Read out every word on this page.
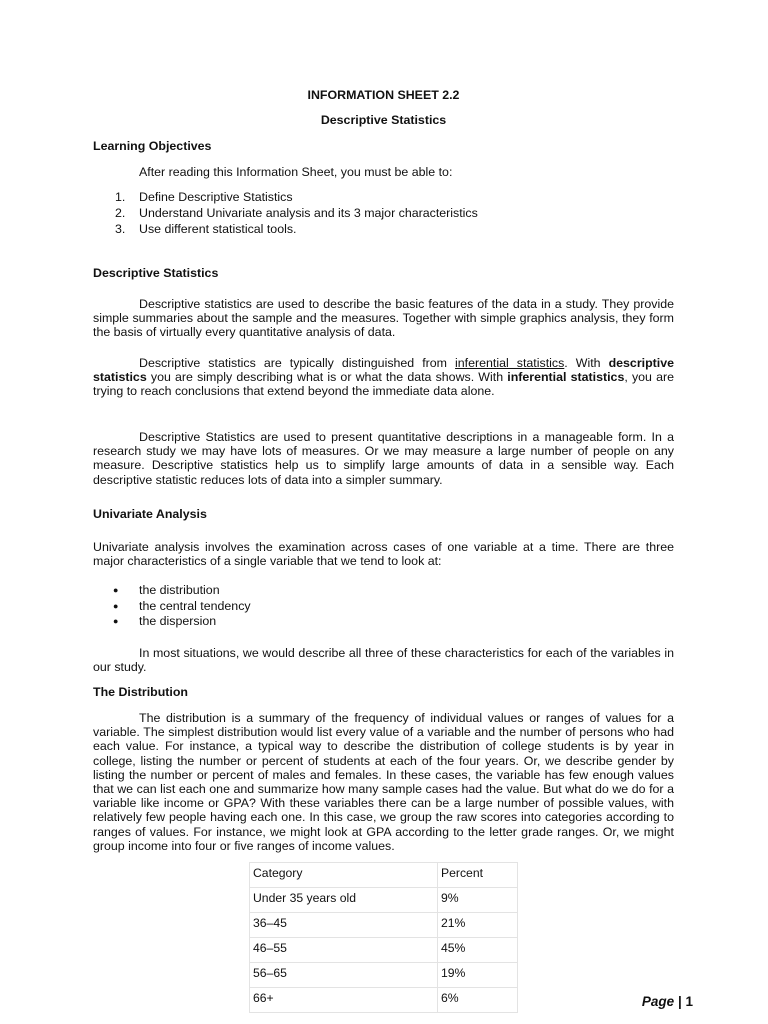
INFORMATION SHEET 2.2
Descriptive Statistics
Learning Objectives
After reading this Information Sheet, you must be able to:
1.	Define Descriptive Statistics
2.	Understand Univariate analysis and its 3 major characteristics
3.	Use different statistical tools.
Descriptive Statistics
Descriptive statistics are used to describe the basic features of the data in a study. They provide simple summaries about the sample and the measures. Together with simple graphics analysis, they form the basis of virtually every quantitative analysis of data.
Descriptive statistics are typically distinguished from inferential statistics. With descriptive statistics you are simply describing what is or what the data shows. With inferential statistics, you are trying to reach conclusions that extend beyond the immediate data alone.
Descriptive Statistics are used to present quantitative descriptions in a manageable form. In a research study we may have lots of measures. Or we may measure a large number of people on any measure. Descriptive statistics help us to simplify large amounts of data in a sensible way. Each descriptive statistic reduces lots of data into a simpler summary.
Univariate Analysis
Univariate analysis involves the examination across cases of one variable at a time. There are three major characteristics of a single variable that we tend to look at:
● the distribution
● the central tendency
● the dispersion
In most situations, we would describe all three of these characteristics for each of the variables in our study.
The Distribution
The distribution is a summary of the frequency of individual values or ranges of values for a variable. The simplest distribution would list every value of a variable and the number of persons who had each value. For instance, a typical way to describe the distribution of college students is by year in college, listing the number or percent of students at each of the four years. Or, we describe gender by listing the number or percent of males and females. In these cases, the variable has few enough values that we can list each one and summarize how many sample cases had the value. But what do we do for a variable like income or GPA? With these variables there can be a large number of possible values, with relatively few people having each one. In this case, we group the raw scores into categories according to ranges of values. For instance, we might look at GPA according to the letter grade ranges. Or, we might group income into four or five ranges of income values.
Category	Percent
Under 35 years old	9%
36–45	21%
46–55	45%
56–65	19%
66+	6%	Page | 1
